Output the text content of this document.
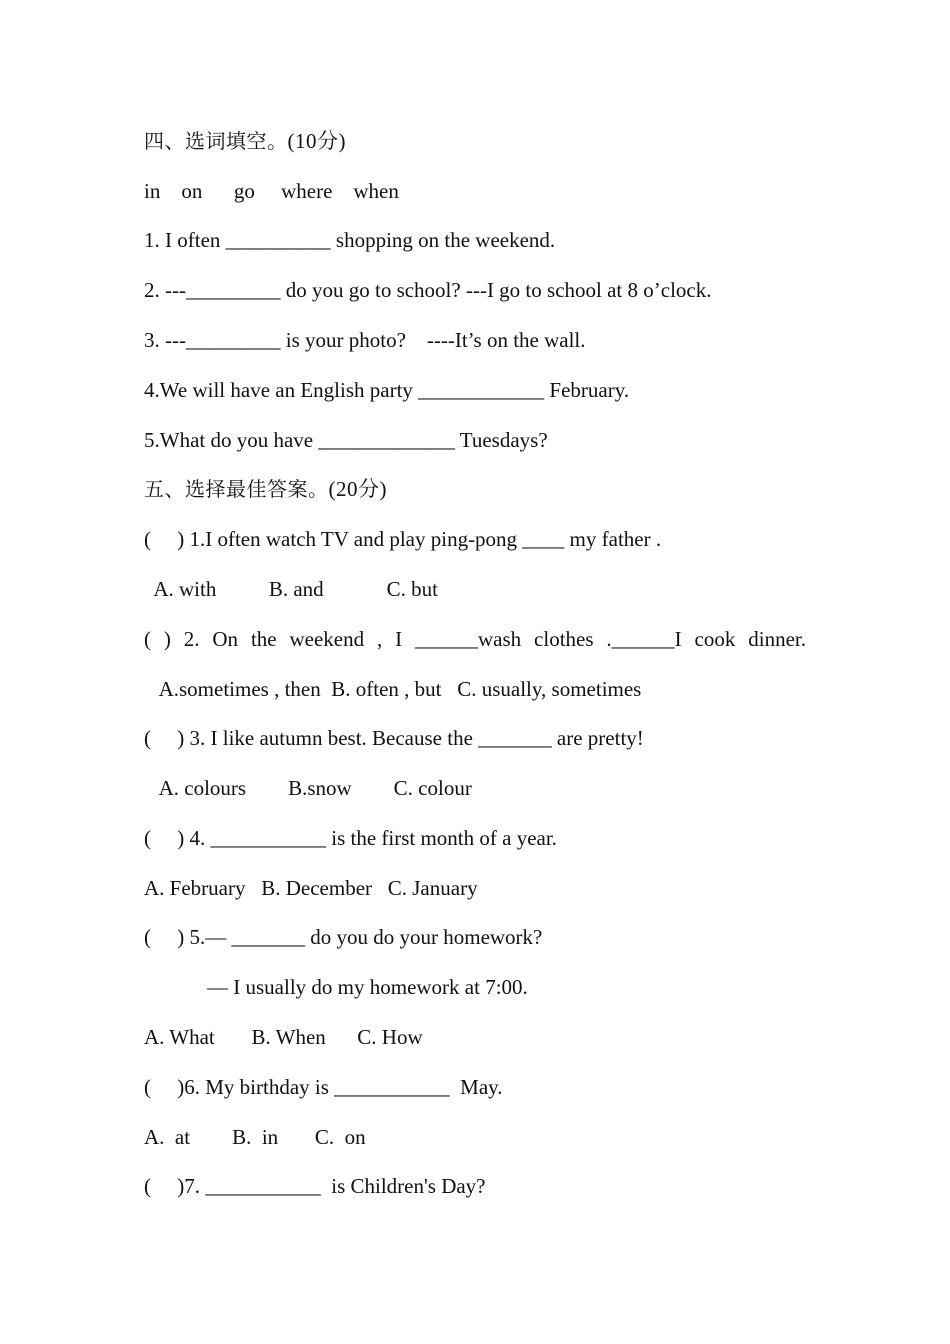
四、选词填空。(10分)
in    on      go     where    when
1. I often __________ shopping on the weekend.
2. ---_________ do you go to school? ---I go to school at 8 o’clock.
3. ---_________ is your photo?    ----It’s on the wall.
4.We will have an English party ____________ February.
5.What do you have _____________ Tuesdays?
五、选择最佳答案。(20分)
(     ) 1.I often watch TV and play ping-pong ____ my father .
A. with          B. and            C. but
( ) 2. On the weekend , I ______wash clothes .______I cook dinner.
A.sometimes , then  B. often , but   C. usually, sometimes
(     ) 3. I like autumn best. Because the _______ are pretty!
A. colours        B.snow        C. colour
(     ) 4. ___________ is the first month of a year.
A. February   B. December   C. January
(     ) 5.— _______ do you do your homework?
— I usually do my homework at 7:00.
A. What       B. When      C. How
(     )6. My birthday is ___________  May.
A.  at        B.  in       C.  on
(     )7. ___________  is Children's Day?
